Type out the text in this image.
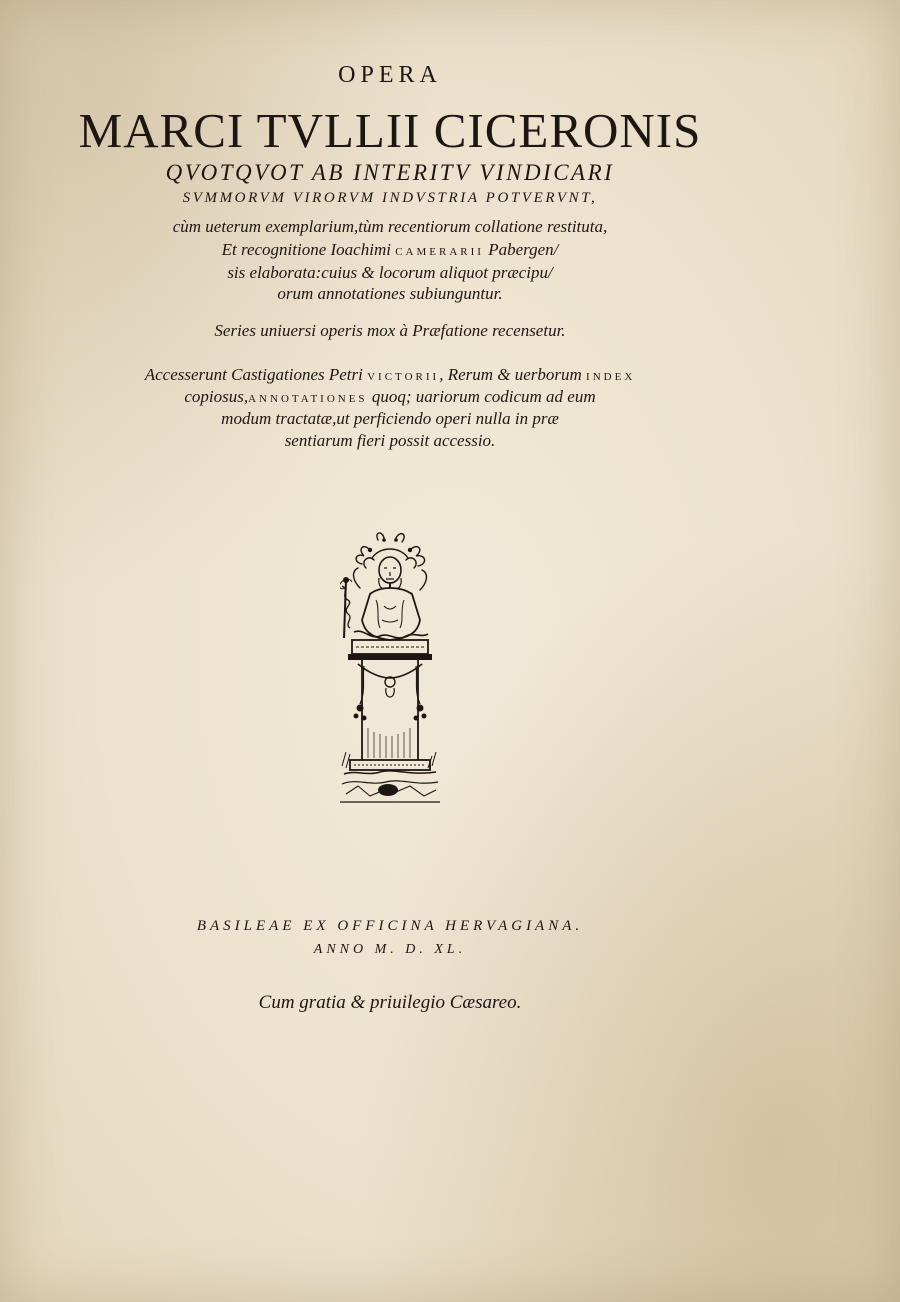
OPERA
MARCI TVLLII CICERONIS
QVOTQVOT AB INTERITV VINDICARI
SVMMORVM VIRORVM INDVSTRIA POTVERVNT,
cùm ueterum exemplarium,tùm recentiorum collatione restituta,
Et recognitione Ioachimi CAMERARII Pabergen/
sis elaborata:cuius & locorum aliquot præcipu/
orum annotationes subiunguntur.
Series uniuersi operis mox à Præfatione recensetur.
Accesserunt Castigationes Petri VICTORII, Rerum & uerborum INDEX
copiosus,ANNOTATIONES quoq; uariorum codicum ad eum
modum tractatæ,ut perficiendo operi nulla in præ
sentiarum fieri possit accessio.
BASILEAE EX OFFICINA HERVAGIANA.
ANNO M. D. XL.
Cum gratia & priuilegio Cæsareo.
